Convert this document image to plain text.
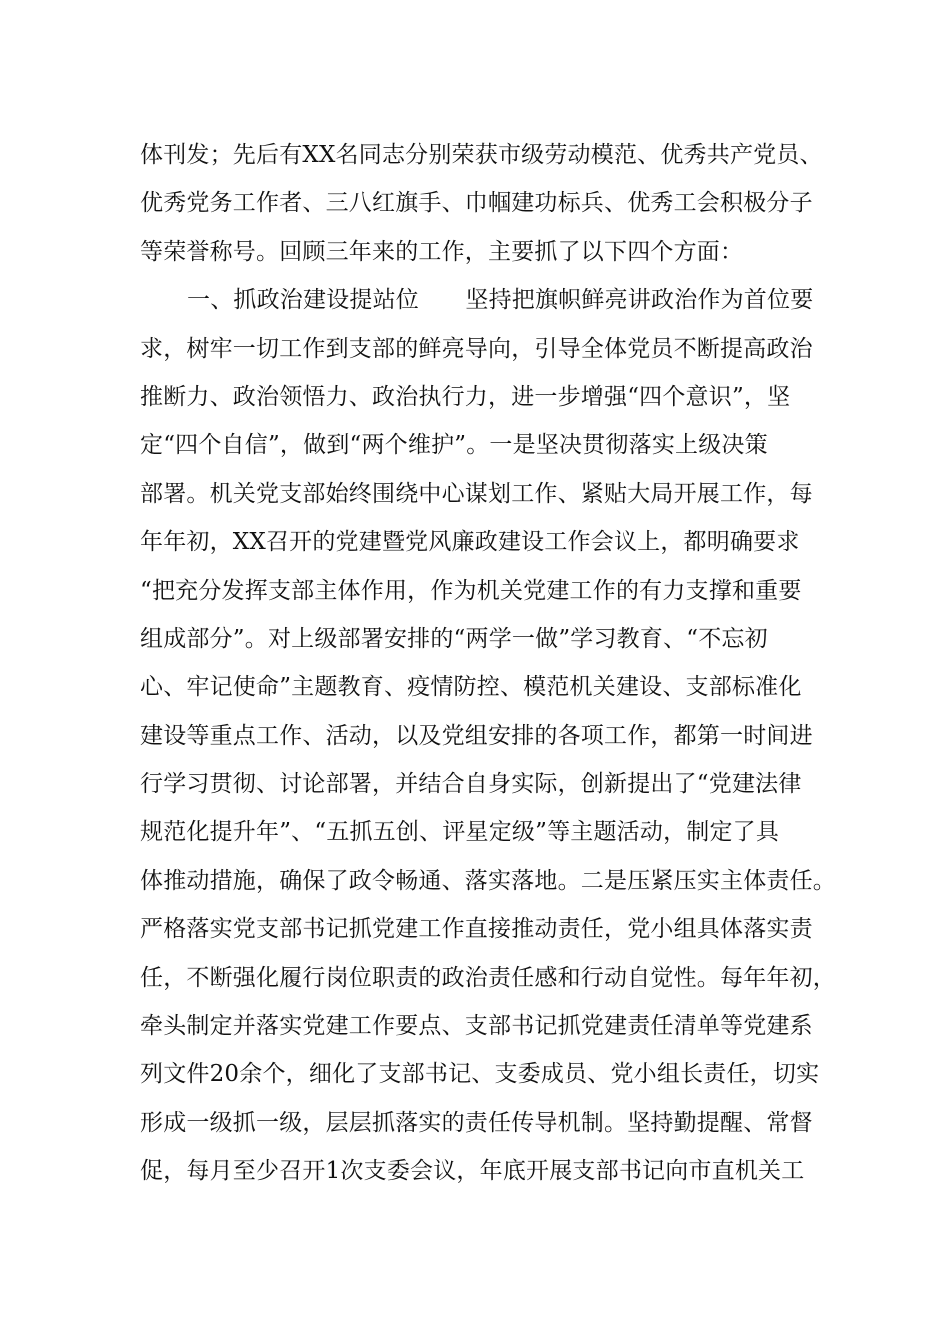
体刊发；先后有XX名同志分别荣获市级劳动模范、优秀共产党员、
优秀党务工作者、三八红旗手、巾帼建功标兵、优秀工会积极分子
等荣誉称号。回顾三年来的工作，主要抓了以下四个方面：
一、抓政治建设提站位　　坚持把旗帜鲜亮讲政治作为首位要
求，树牢一切工作到支部的鲜亮导向，引导全体党员不断提高政治
推断力、政治领悟力、政治执行力，进一步增强“四个意识”，坚
定“四个自信”，做到“两个维护”。一是坚决贯彻落实上级决策
部署。机关党支部始终围绕中心谋划工作、紧贴大局开展工作，每
年年初，XX召开的党建暨党风廉政建设工作会议上，都明确要求
“把充分发挥支部主体作用，作为机关党建工作的有力支撑和重要
组成部分”。对上级部署安排的“两学一做”学习教育、“不忘初
心、牢记使命”主题教育、疫情防控、模范机关建设、支部标准化
建设等重点工作、活动，以及党组安排的各项工作，都第一时间进
行学习贯彻、讨论部署，并结合自身实际，创新提出了“党建法律
规范化提升年”、“五抓五创、评星定级”等主题活动，制定了具
体推动措施，确保了政令畅通、落实落地。二是压紧压实主体责任。
严格落实党支部书记抓党建工作直接推动责任，党小组具体落实责
任，不断强化履行岗位职责的政治责任感和行动自觉性。每年年初，
牵头制定并落实党建工作要点、支部书记抓党建责任清单等党建系
列文件20余个，细化了支部书记、支委成员、党小组长责任，切实
形成一级抓一级，层层抓落实的责任传导机制。坚持勤提醒、常督
促，每月至少召开1次支委会议，年底开展支部书记向市直机关工
